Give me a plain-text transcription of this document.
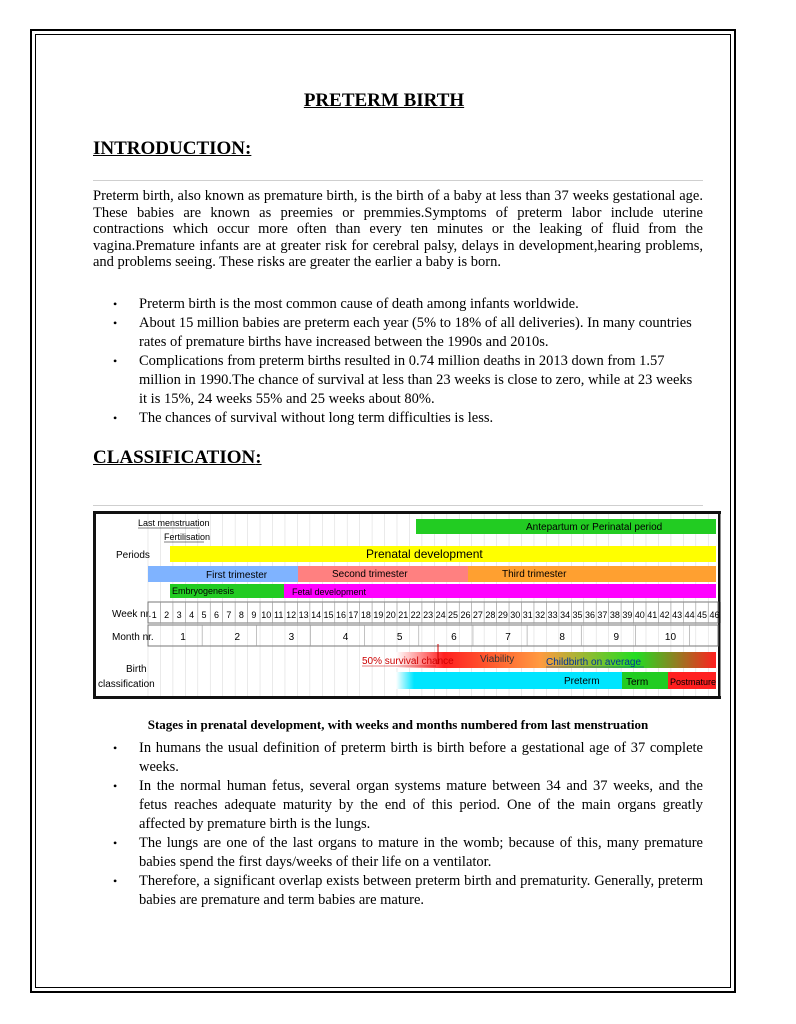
PRETERM BIRTH
INTRODUCTION:
Preterm birth, also known as premature birth, is the birth of a baby at less than 37 weeks gestational age. These babies are known as preemies or premmies.Symptoms of preterm labor include uterine contractions which occur more often than every ten minutes or the leaking of fluid from the vagina.Premature infants are at greater risk for cerebral palsy, delays in development,hearing problems, and problems seeing. These risks are greater the earlier a baby is born.
• Preterm birth is the most common cause of death among infants worldwide.
• About 15 million babies are preterm each year (5% to 18% of all deliveries). In many countries rates of premature births have increased between the 1990s and 2010s.
• Complications from preterm births resulted in 0.74 million deaths in 2013 down from 1.57 million in 1990.The chance of survival at less than 23 weeks is close to zero, while at 23 weeks it is 15%, 24 weeks 55% and 25 weeks about 80%.
• The chances of survival without long term difficulties is less.
CLASSIFICATION:
Last menstruation
Fertilisation
Periods
Antepartum or Perinatal period
Prenatal development
First trimester	Second trimester	Third trimester
Embryogenesis	Fetal development
Week nr. 1 2 3 4 5 6 7 8 9 10 11 12 13 14 15 16 17 18 19 20 21 22 23 24 25 26 27 28 29 30 31 32 33 34 35 36 37 38 39 40 41 42 43 44 45 46
Month nr.	1	2	3	4	5	6	7	8	9	10
Birth
classification
50% survival chance	Viability	Childbirth on average
Preterm	Term Postmature
Stages in prenatal development, with weeks and months numbered from last menstruation
• In humans the usual definition of preterm birth is birth before a gestational age of 37 complete weeks.
• In the normal human fetus, several organ systems mature between 34 and 37 weeks, and the fetus reaches adequate maturity by the end of this period. One of the main organs greatly affected by premature birth is the lungs.
• The lungs are one of the last organs to mature in the womb; because of this, many premature babies spend the first days/weeks of their life on a ventilator.
• Therefore, a significant overlap exists between preterm birth and prematurity. Generally, preterm babies are premature and term babies are mature.
